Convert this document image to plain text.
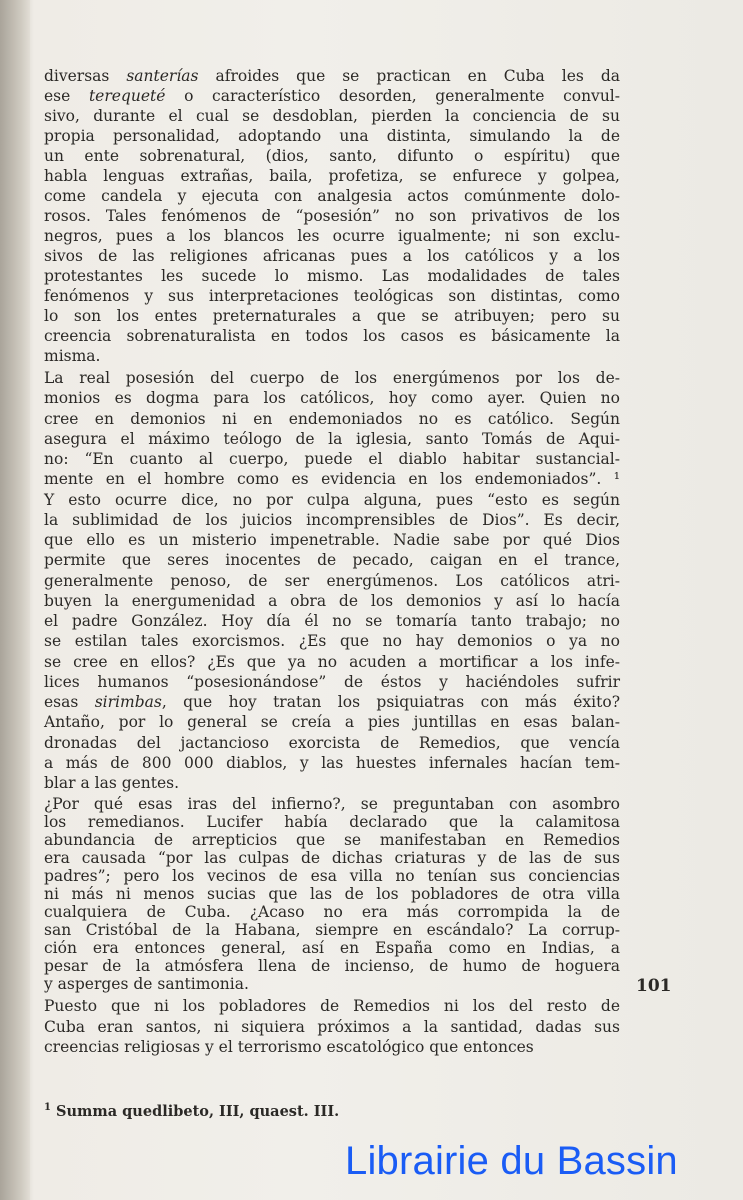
diversas santerías afroides que se practican en Cuba les da
ese terequeté o característico desorden, generalmente convul-
sivo, durante el cual se desdoblan, pierden la conciencia de su
propia personalidad, adoptando una distinta, simulando la de
un ente sobrenatural, (dios, santo, difunto o espíritu) que
habla lenguas extrañas, baila, profetiza, se enfurece y golpea,
come candela y ejecuta con analgesia actos comúnmente dolo-
rosos. Tales fenómenos de “posesión” no son privativos de los
negros, pues a los blancos les ocurre igualmente; ni son exclu-
sivos de las religiones africanas pues a los católicos y a los
protestantes les sucede lo mismo. Las modalidades de tales
fenómenos y sus interpretaciones teológicas son distintas, como
lo son los entes preternaturales a que se atribuyen; pero su
creencia sobrenaturalista en todos los casos es básicamente la
misma.
La real posesión del cuerpo de los energúmenos por los de-
monios es dogma para los católicos, hoy como ayer. Quien no
cree en demonios ni en endemoniados no es católico. Según
asegura el máximo teólogo de la iglesia, santo Tomás de Aqui-
no: “En cuanto al cuerpo, puede el diablo habitar sustancial-
mente en el hombre como es evidencia en los endemoniados”. ¹
Y esto ocurre dice, no por culpa alguna, pues “esto es según
la sublimidad de los juicios incomprensibles de Dios”. Es decir,
que ello es un misterio impenetrable. Nadie sabe por qué Dios
permite que seres inocentes de pecado, caigan en el trance,
generalmente penoso, de ser energúmenos. Los católicos atri-
buyen la energumenidad a obra de los demonios y así lo hacía
el padre González. Hoy día él no se tomaría tanto trabajo; no
se estilan tales exorcismos. ¿Es que no hay demonios o ya no
se cree en ellos? ¿Es que ya no acuden a mortificar a los infe-
lices humanos “posesionándose” de éstos y haciéndoles sufrir
esas sirimbas, que hoy tratan los psiquiatras con más éxito?
Antaño, por lo general se creía a pies juntillas en esas balan-
dronadas del jactancioso exorcista de Remedios, que vencía
a más de 800 000 diablos, y las huestes infernales hacían tem-
blar a las gentes.
¿Por qué esas iras del infierno?, se preguntaban con asombro
los remedianos. Lucifer había declarado que la calamitosa
abundancia de arrepticios que se manifestaban en Remedios
era causada “por las culpas de dichas criaturas y de las de sus
padres”; pero los vecinos de esa villa no tenían sus conciencias
ni más ni menos sucias que las de los pobladores de otra villa
cualquiera de Cuba. ¿Acaso no era más corrompida la de
san Cristóbal de la Habana, siempre en escándalo? La corrup-
ción era entonces general, así en España como en Indias, a
pesar de la atmósfera llena de incienso, de humo de hoguera
y asperges de santimonia.
Puesto que ni los pobladores de Remedios ni los del resto de
Cuba eran santos, ni siquiera próximos a la santidad, dadas sus
creencias religiosas y el terrorismo escatológico que entonces
101
$^1$ Summa quedlibeto, III, quaest. III.
Librairie du Bassin
